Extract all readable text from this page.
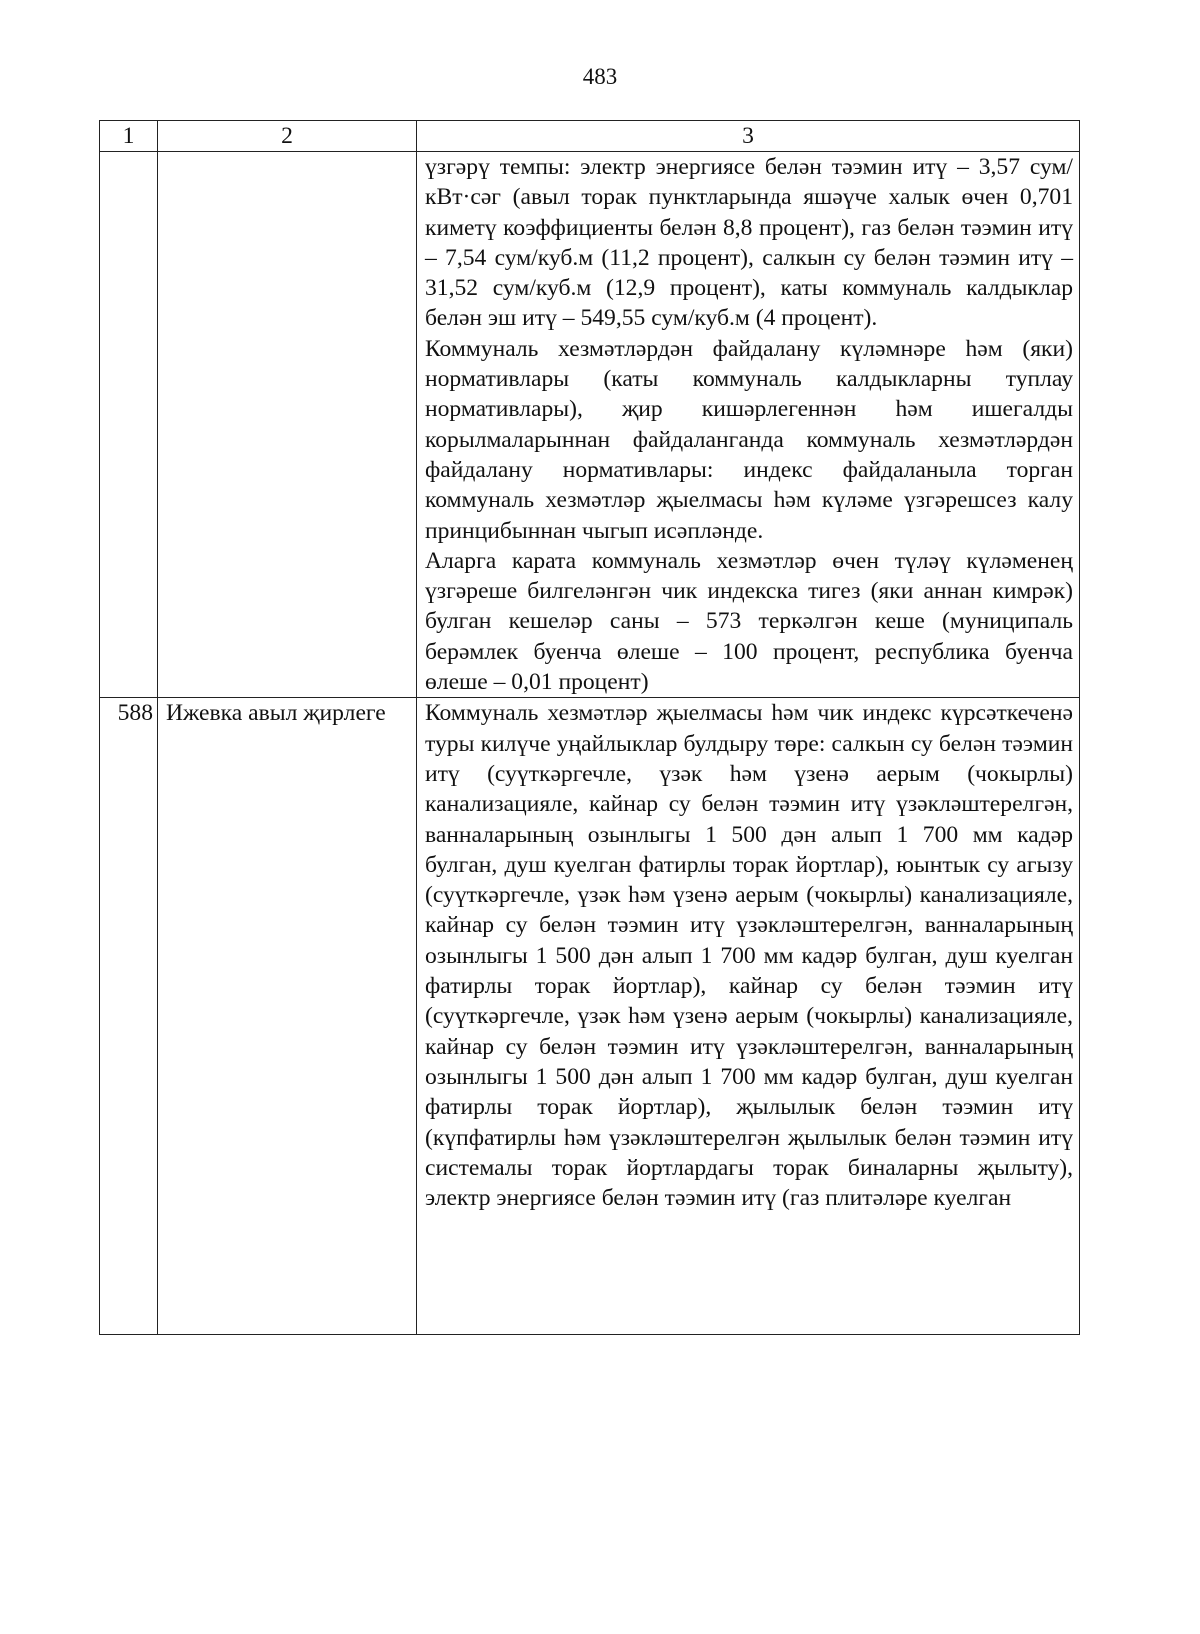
483
1	2	3

		үзгәрү темпы: электр энергиясе белән тәэмин итү – 3,57 сум/кВт·сәг (авыл торак пунктларында яшәүче халык өчен 0,701 киметү коэффициенты белән 8,8 процент), газ белән тәэмин итү – 7,54 сум/куб.м (11,2 процент), салкын су белән тәэмин итү – 31,52 сум/куб.м (12,9 процент), каты коммуналь калдыклар белән эш итү – 549,55 сум/куб.м (4 процент).

Коммуналь хезмәтләрдән файдалану күләмнәре һәм (яки) нормативлары (каты коммуналь калдыкларны туплау нормативлары), җир кишәрлегеннән һәм ишегалды корылмаларыннан файдаланганда коммуналь хезмәтләрдән файдалану нормативлары: индекс файдаланыла торган коммуналь хезмәтләр җыелмасы һәм күләме үзгәрешсез калу принцибыннан чыгып исәпләнде.

Аларга карата коммуналь хезмәтләр өчен түләү күләменең үзгәреше билгеләнгән чик индекска тигез (яки аннан кимрәк) булган кешеләр саны – 573 теркәлгән кеше (муниципаль берәмлек буенча өлеше – 100 процент, республика буенча өлеше – 0,01 процент)

588	Ижевка авыл җирлеге	Коммуналь хезмәтләр җыелмасы һәм чик индекс күрсәткеченә туры килүче уңайлыклар булдыру төре: салкын су белән тәэмин итү (суүткәргечле, үзәк һәм үзенә аерым (чокырлы) канализацияле, кайнар су белән тәэмин итү үзәкләштерелгән, ванналарының озынлыгы 1 500 дән алып 1 700 мм кадәр булган, душ куелган фатирлы торак йортлар), юынтык су агызу (суүткәргечле, үзәк һәм үзенә аерым (чокырлы) канализацияле, кайнар су белән тәэмин итү үзәкләштерелгән, ванналарының озынлыгы 1 500 дән алып 1 700 мм кадәр булган, душ куелган фатирлы торак йортлар), кайнар су белән тәэмин итү (суүткәргечле, үзәк һәм үзенә аерым (чокырлы) канализацияле, кайнар су белән тәэмин итү үзәкләштерелгән, ванналарының озынлыгы 1 500 дән алып 1 700 мм кадәр булган, душ куелган фатирлы торак йортлар), җылылык белән тәэмин итү (күпфатирлы һәм үзәкләштерелгән җылылык белән тәэмин итү системалы торак йортлардагы торак биналарны җылыту), электр энергиясе белән тәэмин итү (газ плитәләре куелган
